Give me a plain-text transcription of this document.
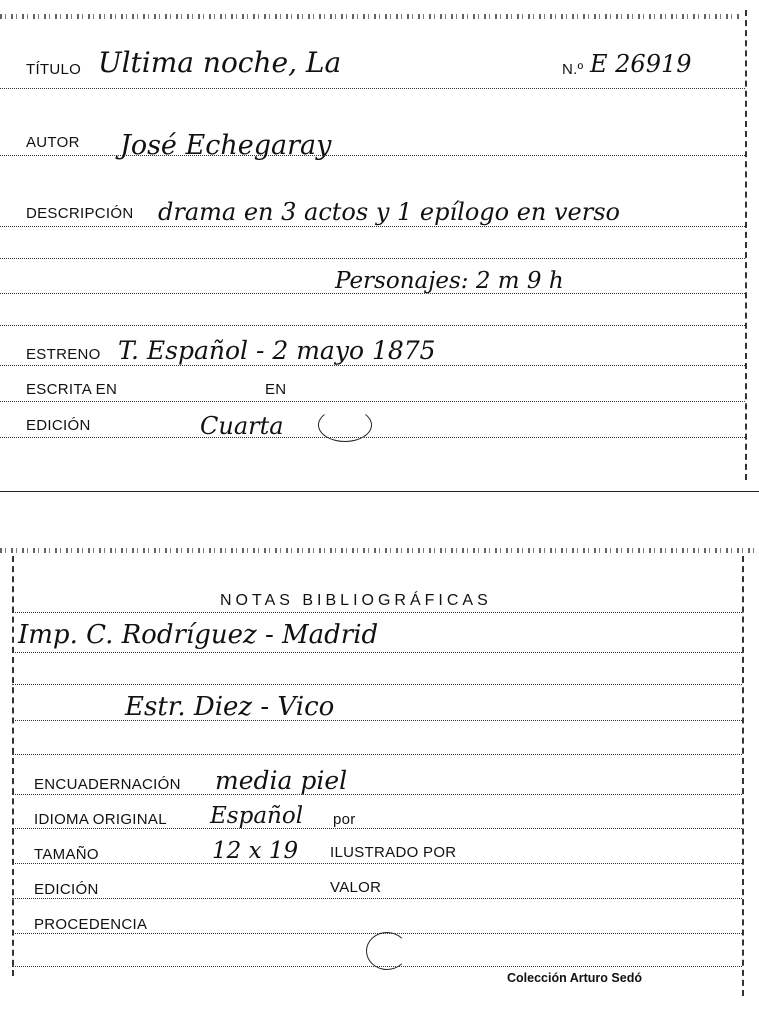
TÍTULO Ultima noche, La	N.º E 26919
AUTOR José Echegaray
DESCRIPCIÓN drama en 3 actos y 1 epílogo en verso
Personajes: 2 m 9 h
ESTRENO T. Español - 2 mayo 1875
ESCRITA EN	EN
EDICIÓN	Cuarta
NOTAS BIBLIOGRÁFICAS
Imp. C. Rodríguez - Madrid
Estr. Diez - Vico
ENCUADERNACIÓN media piel
IDIOMA ORIGINAL Español por
TAMAÑO	12 x 19 ILUSTRADO POR
EDICIÓN	VALOR
PROCEDENCIA
Colección Arturo Sedó
